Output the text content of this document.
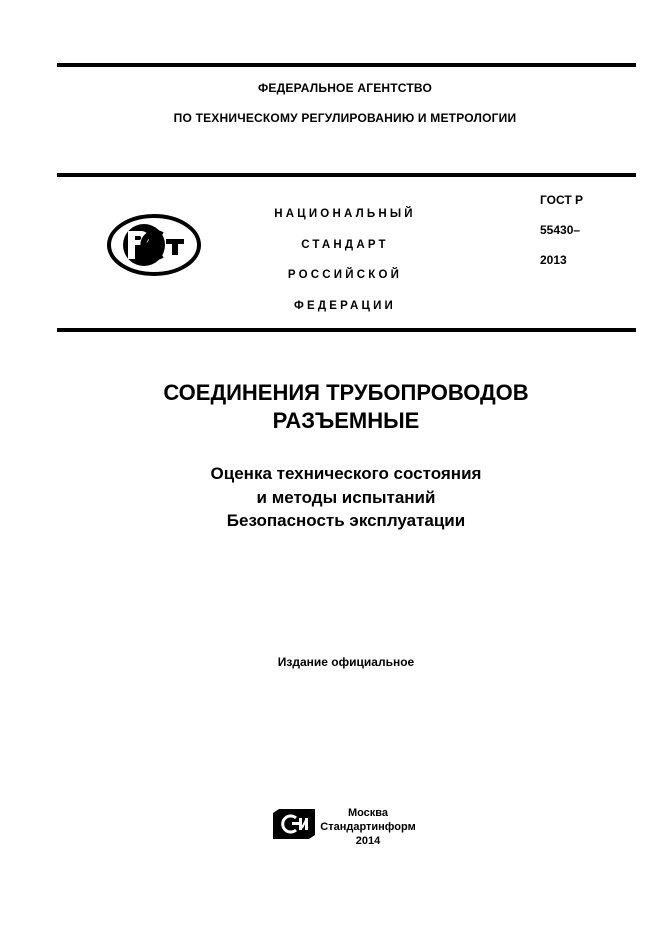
ФЕДЕРАЛЬНОЕ АГЕНТСТВО
ПО ТЕХНИЧЕСКОМУ РЕГУЛИРОВАНИЮ И МЕТРОЛОГИИ
НАЦИОНАЛЬНЫЙ
СТАНДАРТ
РОССИЙСКОЙ
ФЕДЕРАЦИИ
ГОСТ Р
55430–
2013
СОЕДИНЕНИЯ ТРУБОПРОВОДОВ
РАЗЪЕМНЫЕ
Оценка технического состояния
и методы испытаний
Безопасность эксплуатации
Издание официальное
Москва
Стандартинформ
2014
